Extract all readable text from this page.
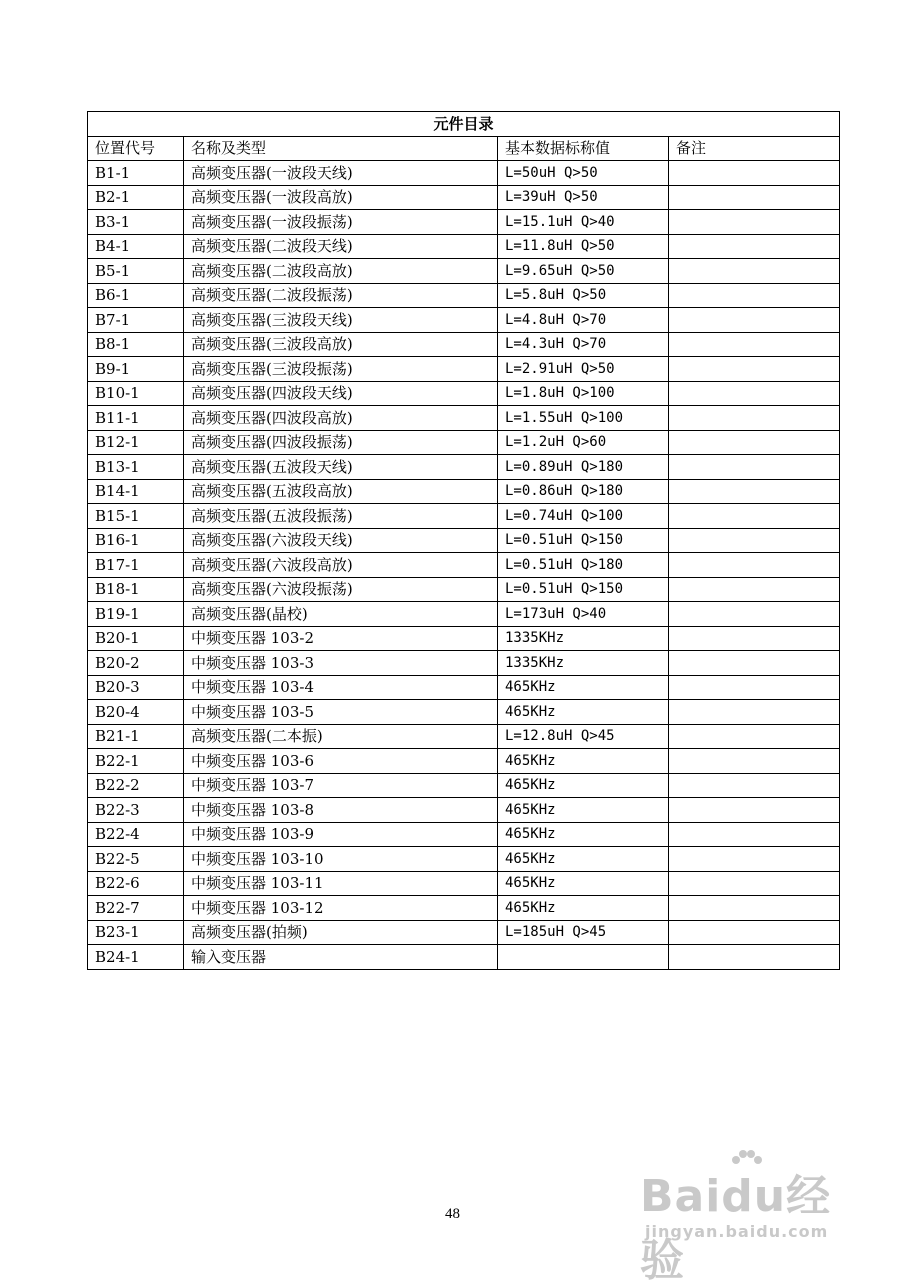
元件目录			
位置代号	名称及类型	基本数据标称值	备注
B1-1	高频变压器(一波段天线)	L=50uH Q>50	
B2-1	高频变压器(一波段高放)	L=39uH Q>50	
B3-1	高频变压器(一波段振荡)	L=15.1uH Q>40	
B4-1	高频变压器(二波段天线)	L=11.8uH Q>50	
B5-1	高频变压器(二波段高放)	L=9.65uH Q>50	
B6-1	高频变压器(二波段振荡)	L=5.8uH Q>50	
B7-1	高频变压器(三波段天线)	L=4.8uH Q>70	
B8-1	高频变压器(三波段高放)	L=4.3uH Q>70	
B9-1	高频变压器(三波段振荡)	L=2.91uH Q>50	
B10-1	高频变压器(四波段天线)	L=1.8uH Q>100	
B11-1	高频变压器(四波段高放)	L=1.55uH Q>100	
B12-1	高频变压器(四波段振荡)	L=1.2uH Q>60	
B13-1	高频变压器(五波段天线)	L=0.89uH Q>180	
B14-1	高频变压器(五波段高放)	L=0.86uH Q>180	
B15-1	高频变压器(五波段振荡)	L=0.74uH Q>100	
B16-1	高频变压器(六波段天线)	L=0.51uH Q>150	
B17-1	高频变压器(六波段高放)	L=0.51uH Q>180	
B18-1	高频变压器(六波段振荡)	L=0.51uH Q>150	
B19-1	高频变压器(晶校)	L=173uH Q>40	
B20-1	中频变压器 103-2	1335KHz	
B20-2	中频变压器 103-3	1335KHz	
B20-3	中频变压器 103-4	465KHz	
B20-4	中频变压器 103-5	465KHz	
B21-1	高频变压器(二本振)	L=12.8uH Q>45	
B22-1	中频变压器 103-6	465KHz	
B22-2	中频变压器 103-7	465KHz	
B22-3	中频变压器 103-8	465KHz	
B22-4	中频变压器 103-9	465KHz	
B22-5	中频变压器 103-10	465KHz	
B22-6	中频变压器 103-11	465KHz	
B22-7	中频变压器 103-12	465KHz	
B23-1	高频变压器(拍频)	L=185uH Q>45	
B24-1	输入变压器		
48	Baidu经验
jingyan.baidu.com
